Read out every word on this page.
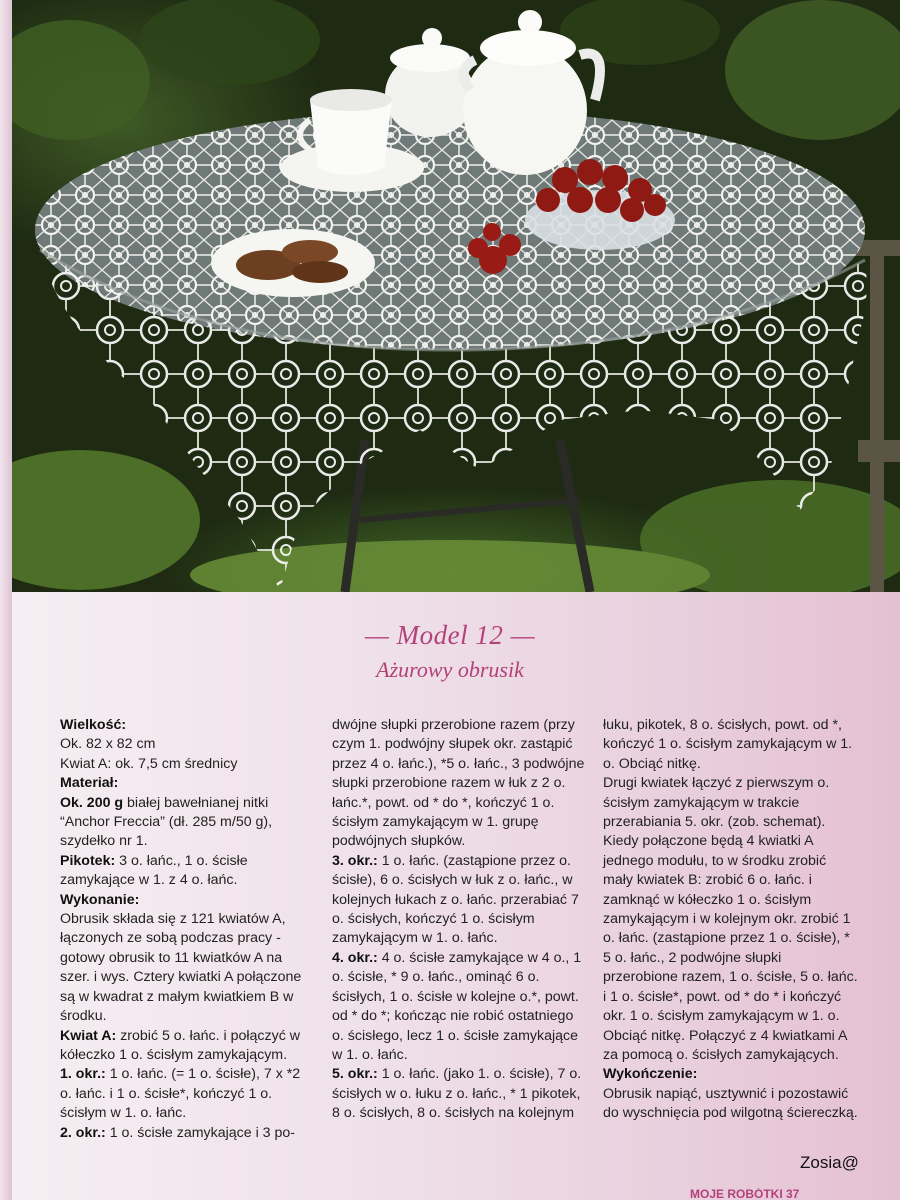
— Model 12 —
Ażurowy obrusik

Wielkość:

Ok. 82 x 82 cm

Kwiat A: ok. 7,5 cm średnicy

Materiał:

Ok. 200 g białej bawełnianej nitki “Anchor Freccia” (dł. 285 m/50 g), szydełko nr 1.

Pikotek: 3 o. łańc., 1 o. ścisłe zamykające w 1. z 4 o. łańc.

Wykonanie:

Obrusik składa się z 121 kwiatów A, łączonych ze sobą podczas pracy - gotowy obrusik to 11 kwiatków A na szer. i wys. Cztery kwiatki A połączone są w kwadrat z małym kwiatkiem B w środku.

Kwiat A: zrobić 5 o. łańc. i połączyć w kółeczko 1 o. ścisłym zamykającym.

1. okr.: 1 o. łańc. (= 1 o. ścisłe), 7 x *2 o. łańc. i 1 o. ścisłe*, kończyć 1 o. ścisłym w 1. o. łańc.

2. okr.: 1 o. ścisłe zamykające i 3 po-

dwójne słupki przerobione razem (przy czym 1. podwójny słupek okr. zastąpić przez 4 o. łańc.), *5 o. łańc., 3 podwójne słupki przerobione razem w łuk z 2 o. łańc.*, powt. od * do *, kończyć 1 o. ścisłym zamykającym w 1. grupę podwójnych słupków.

3. okr.: 1 o. łańc. (zastąpione przez o. ścisłe), 6 o. ścisłych w łuk z o. łańc., w kolejnych łukach z o. łańc. przerabiać 7 o. ścisłych, kończyć 1 o. ścisłym zamykającym w 1. o. łańc.

4. okr.: 4 o. ścisłe zamykające w 4 o., 1 o. ścisłe, * 9 o. łańc., ominąć 6 o. ścisłych, 1 o. ścisłe w kolejne o.*, powt. od * do *; kończąc nie robić ostatniego o. ścisłego, lecz 1 o. ścisłe zamykające w 1. o. łańc.

5. okr.: 1 o. łańc. (jako 1. o. ścisłe), 7 o. ścisłych w o. łuku z o. łańc., * 1 pikotek, 8 o. ścisłych, 8 o. ścisłych na kolejnym

łuku, pikotek, 8 o. ścisłych, powt. od *, kończyć 1 o. ścisłym zamykającym w 1. o. Obciąć nitkę.

Drugi kwiatek łączyć z pierwszym o. ścisłym zamykającym w trakcie przerabiania 5. okr. (zob. schemat). Kiedy połączone będą 4 kwiatki A jednego modułu, to w środku zrobić mały kwiatek B: zrobić 6 o. łańc. i zamknąć w kółeczko 1 o. ścisłym zamykającym i w kolejnym okr. zrobić 1 o. łańc. (zastąpione przez 1 o. ścisłe), * 5 o. łańc., 2 podwójne słupki przerobione razem, 1 o. ścisłe, 5 o. łańc. i 1 o. ścisłe*, powt. od * do * i kończyć okr. 1 o. ścisłym zamykającym w 1. o. Obciąć nitkę. Połączyć z 4 kwiatkami A za pomocą o. ścisłych zamykających.

Wykończenie:

Obrusik napiąć, usztywnić i pozostawić do wyschnięcia pod wilgotną ściereczką.

Zosia@
MOJE ROBÓTKI 37
